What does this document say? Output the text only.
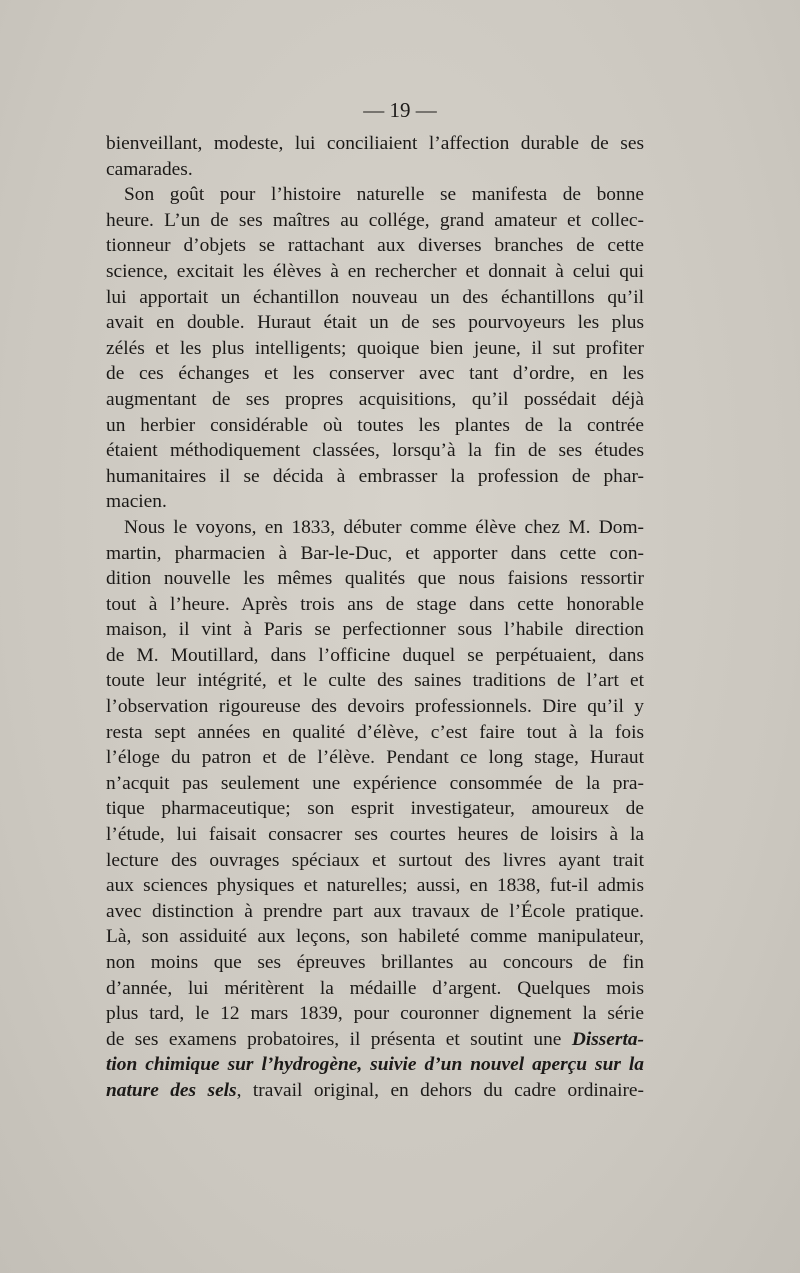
— 19 —
bienveillant, modeste, lui conciliaient l’affection durable de ses
camarades.
Son goût pour l’histoire naturelle se manifesta de bonne
heure. L’un de ses maîtres au collége, grand amateur et collec-
tionneur d’objets se rattachant aux diverses branches de cette
science, excitait les élèves à en rechercher et donnait à celui qui
lui apportait un échantillon nouveau un des échantillons qu’il
avait en double. Huraut était un de ses pourvoyeurs les plus
zélés et les plus intelligents; quoique bien jeune, il sut profiter
de ces échanges et les conserver avec tant d’ordre, en les
augmentant de ses propres acquisitions, qu’il possédait déjà
un herbier considérable où toutes les plantes de la contrée
étaient méthodiquement classées, lorsqu’à la fin de ses études
humanitaires il se décida à embrasser la profession de phar-
macien.
Nous le voyons, en 1833, débuter comme élève chez M. Dom-
martin, pharmacien à Bar-le-Duc, et apporter dans cette con-
dition nouvelle les mêmes qualités que nous faisions ressortir
tout à l’heure. Après trois ans de stage dans cette honorable
maison, il vint à Paris se perfectionner sous l’habile direction
de M. Moutillard, dans l’officine duquel se perpétuaient, dans
toute leur intégrité, et le culte des saines traditions de l’art et
l’observation rigoureuse des devoirs professionnels. Dire qu’il y
resta sept années en qualité d’élève, c’est faire tout à la fois
l’éloge du patron et de l’élève. Pendant ce long stage, Huraut
n’acquit pas seulement une expérience consommée de la pra-
tique pharmaceutique; son esprit investigateur, amoureux de
l’étude, lui faisait consacrer ses courtes heures de loisirs à la
lecture des ouvrages spéciaux et surtout des livres ayant trait
aux sciences physiques et naturelles; aussi, en 1838, fut-il admis
avec distinction à prendre part aux travaux de l’École pratique.
Là, son assiduité aux leçons, son habileté comme manipulateur,
non moins que ses épreuves brillantes au concours de fin
d’année, lui méritèrent la médaille d’argent. Quelques mois
plus tard, le 12 mars 1839, pour couronner dignement la série
de ses examens probatoires, il présenta et soutint une Disserta-
tion chimique sur l’hydrogène, suivie d’un nouvel aperçu sur la
nature des sels, travail original, en dehors du cadre ordinaire-
